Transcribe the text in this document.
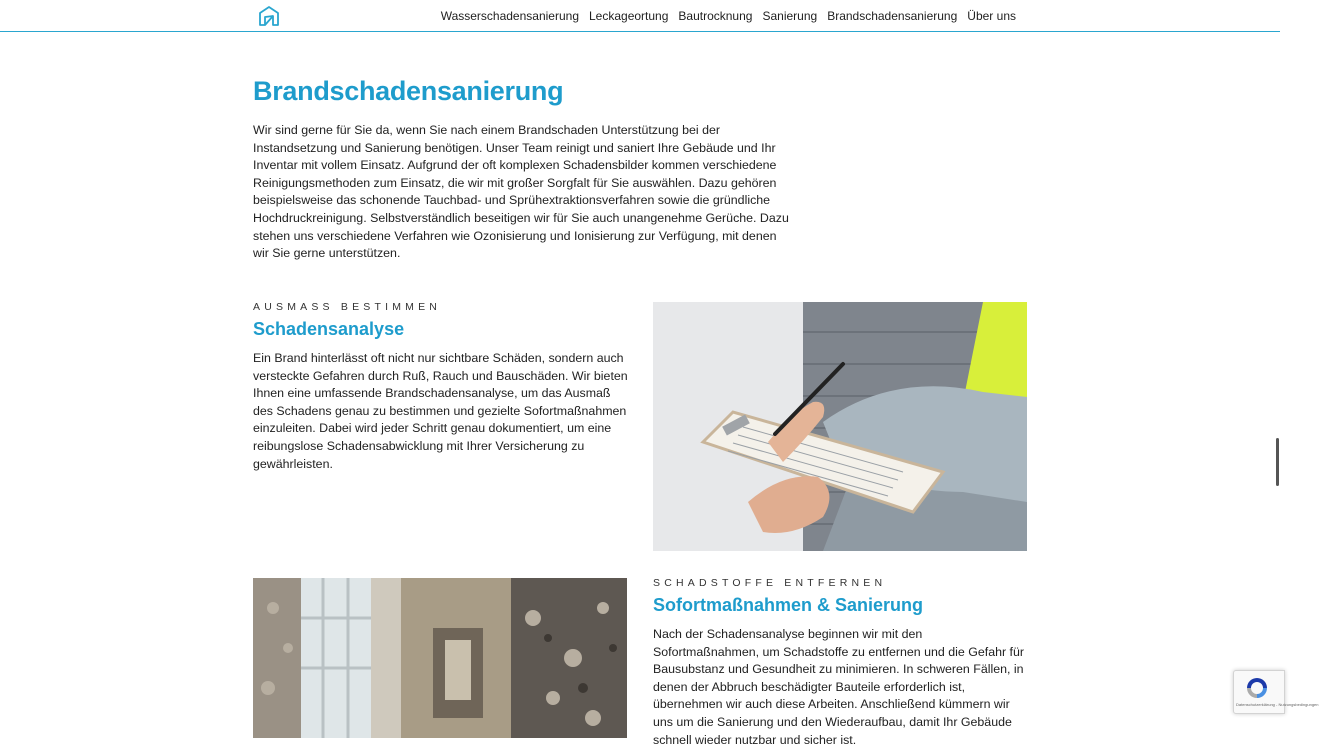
Wasserschadensanierung Leckageortung Bautrocknung Sanierung Brandschadensanierung Über uns
Brandschadensanierung

Wir sind gerne für Sie da, wenn Sie nach einem Brandschaden Unterstützung bei der Instandsetzung und Sanierung benötigen. Unser Team reinigt und saniert Ihre Gebäude und Ihr Inventar mit vollem Einsatz. Aufgrund der oft komplexen Schadensbilder kommen verschiedene Reinigungsmethoden zum Einsatz, die wir mit großer Sorgfalt für Sie auswählen. Dazu gehören beispielsweise das schonende Tauchbad- und Sprühextraktionsverfahren sowie die gründliche Hochdruckreinigung. Selbstverständlich beseitigen wir für Sie auch unangenehme Gerüche. Dazu stehen uns verschiedene Verfahren wie Ozonisierung und Ionisierung zur Verfügung, mit denen wir Sie gerne unterstützen.

AUSMASS BESTIMMEN

Schadensanalyse

Ein Brand hinterlässt oft nicht nur sichtbare Schäden, sondern auch versteckte Gefahren durch Ruß, Rauch und Bauschäden. Wir bieten Ihnen eine umfassende Brandschadensanalyse, um das Ausmaß des Schadens genau zu bestimmen und gezielte Sofortmaßnahmen einzuleiten. Dabei wird jeder Schritt genau dokumentiert, um eine reibungslose Schadensabwicklung mit Ihrer Versicherung zu gewährleisten.

SCHADSTOFFE ENTFERNEN

Sofortmaßnahmen & Sanierung

Nach der Schadensanalyse beginnen wir mit den Sofortmaßnahmen, um Schadstoffe zu entfernen und die Gefahr für Bausubstanz und Gesundheit zu minimieren. In schweren Fällen, in denen der Abbruch beschädigter Bauteile erforderlich ist, übernehmen wir auch diese Arbeiten. Anschließend kümmern wir uns um die Sanierung und den Wiederaufbau, damit Ihr Gebäude schnell wieder nutzbar und sicher ist.

Datenschutzerklärung - Nutzungsbedingungen
